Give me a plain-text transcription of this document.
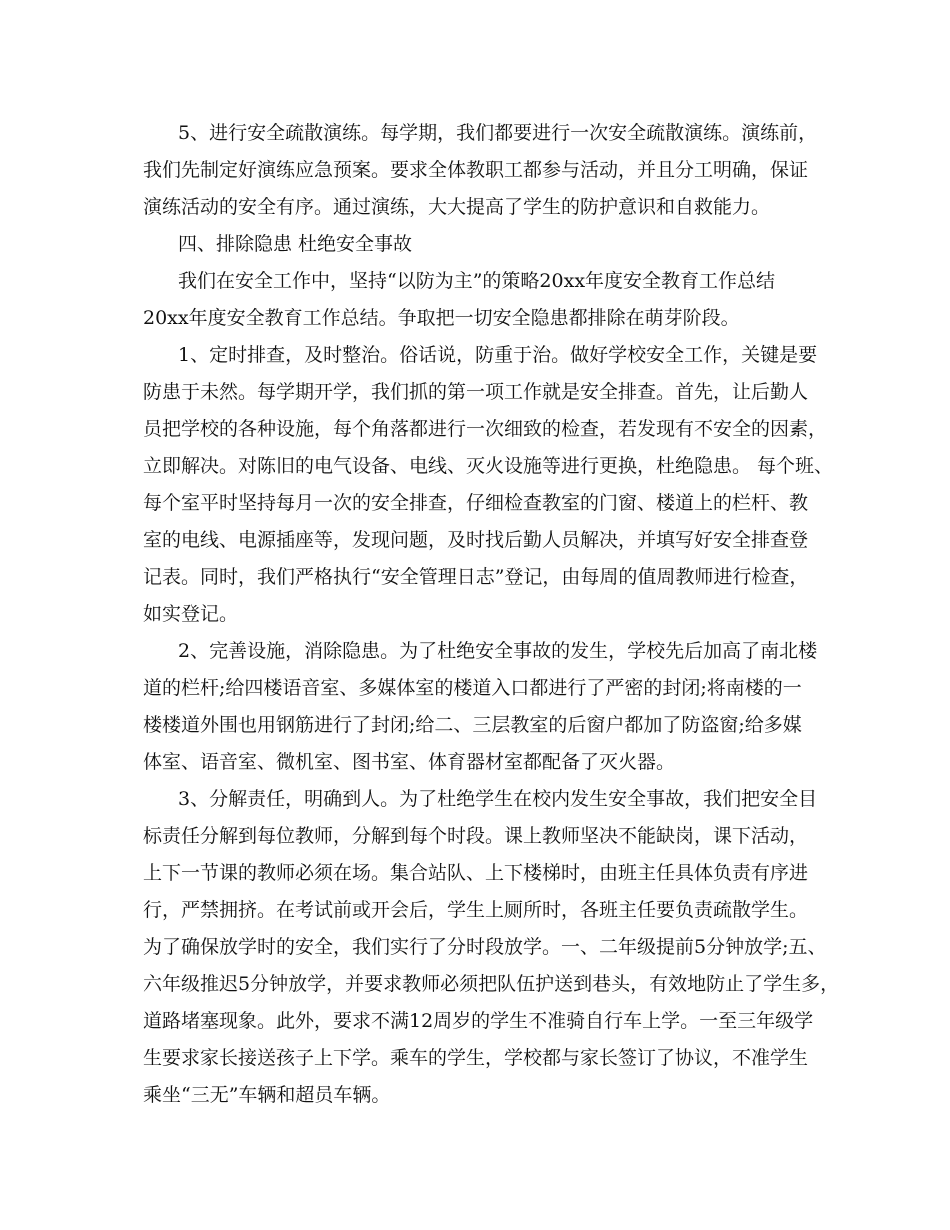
5、进行安全疏散演练。每学期，我们都要进行一次安全疏散演练。演练前，
我们先制定好演练应急预案。要求全体教职工都参与活动，并且分工明确，保证
演练活动的安全有序。通过演练，大大提高了学生的防护意识和自救能力。
四、排除隐患 杜绝安全事故
我们在安全工作中，坚持“以防为主”的策略20xx年度安全教育工作总结
20xx年度安全教育工作总结。争取把一切安全隐患都排除在萌芽阶段。
1、定时排查，及时整治。俗话说，防重于治。做好学校安全工作，关键是要
防患于未然。每学期开学，我们抓的第一项工作就是安全排查。首先，让后勤人
员把学校的各种设施，每个角落都进行一次细致的检查，若发现有不安全的因素，
立即解决。对陈旧的电气设备、电线、灭火设施等进行更换，杜绝隐患。 每个班、
每个室平时坚持每月一次的安全排查，仔细检查教室的门窗、楼道上的栏杆、教
室的电线、电源插座等，发现问题，及时找后勤人员解决，并填写好安全排查登
记表。同时，我们严格执行“安全管理日志”登记，由每周的值周教师进行检查，
如实登记。
2、完善设施，消除隐患。为了杜绝安全事故的发生，学校先后加高了南北楼
道的栏杆;给四楼语音室、多媒体室的楼道入口都进行了严密的封闭;将南楼的一
楼楼道外围也用钢筋进行了封闭;给二、三层教室的后窗户都加了防盗窗;给多媒
体室、语音室、微机室、图书室、体育器材室都配备了灭火器。
3、分解责任，明确到人。为了杜绝学生在校内发生安全事故，我们把安全目
标责任分解到每位教师，分解到每个时段。课上教师坚决不能缺岗，课下活动，
上下一节课的教师必须在场。集合站队、上下楼梯时，由班主任具体负责有序进
行，严禁拥挤。在考试前或开会后，学生上厕所时，各班主任要负责疏散学生。
为了确保放学时的安全，我们实行了分时段放学。一、二年级提前5分钟放学;五、
六年级推迟5分钟放学，并要求教师必须把队伍护送到巷头，有效地防止了学生多，
道路堵塞现象。此外，要求不满12周岁的学生不准骑自行车上学。一至三年级学
生要求家长接送孩子上下学。乘车的学生，学校都与家长签订了协议，不准学生
乘坐“三无”车辆和超员车辆。
